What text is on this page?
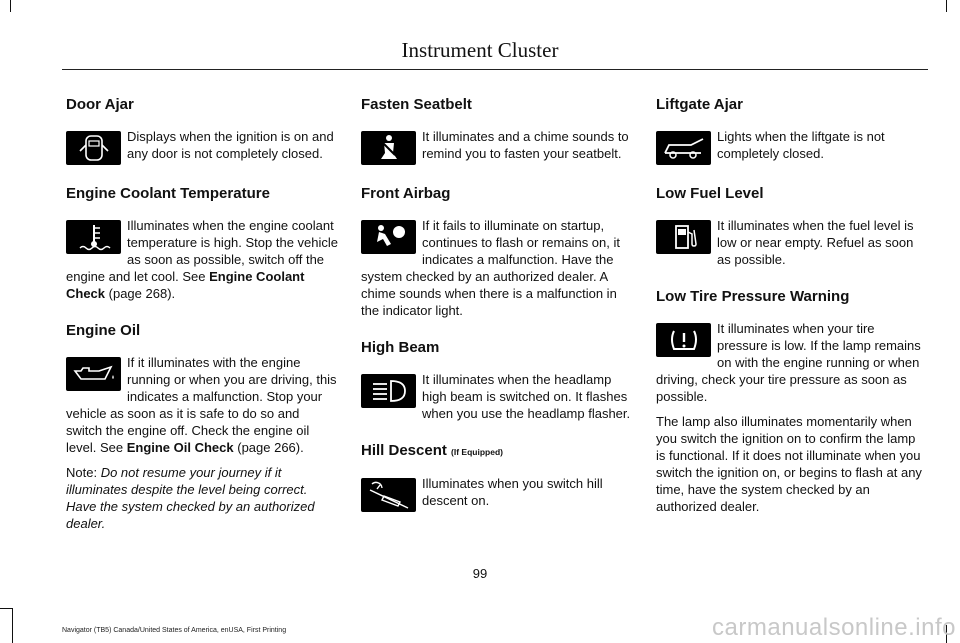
Instrument Cluster
Door Ajar

Displays when the ignition is on and any door is not completely closed.

Engine Coolant Temperature

Illuminates when the engine coolant temperature is high. Stop the vehicle as soon as possible, switch off the engine and let cool. See Engine Coolant Check (page 268).

Engine Oil

If it illuminates with the engine running or when you are driving, this indicates a malfunction. Stop your vehicle as soon as it is safe to do so and switch the engine off. Check the engine oil level. See Engine Oil Check (page 266).

Note: Do not resume your journey if it illuminates despite the level being correct. Have the system checked by an authorized dealer.

Fasten Seatbelt

It illuminates and a chime sounds to remind you to fasten your seatbelt.

Front Airbag

If it fails to illuminate on startup, continues to flash or remains on, it indicates a malfunction. Have the system checked by an authorized dealer. A chime sounds when there is a malfunction in the indicator light.

High Beam

It illuminates when the headlamp high beam is switched on. It flashes when you use the headlamp flasher.

Hill Descent (If Equipped)

Illuminates when you switch hill descent on.

Liftgate Ajar

Lights when the liftgate is not completely closed.

Low Fuel Level

It illuminates when the fuel level is low or near empty. Refuel as soon as possible.

Low Tire Pressure Warning

It illuminates when your tire pressure is low. If the lamp remains on with the engine running or when driving, check your tire pressure as soon as possible.

The lamp also illuminates momentarily when you switch the ignition on to confirm the lamp is functional. If it does not illuminate when you switch the ignition on, or begins to flash at any time, have the system checked by an authorized dealer.

99
Navigator (TB5) Canada/United States of America, enUSA, First Printing	carmanualsonline.info
